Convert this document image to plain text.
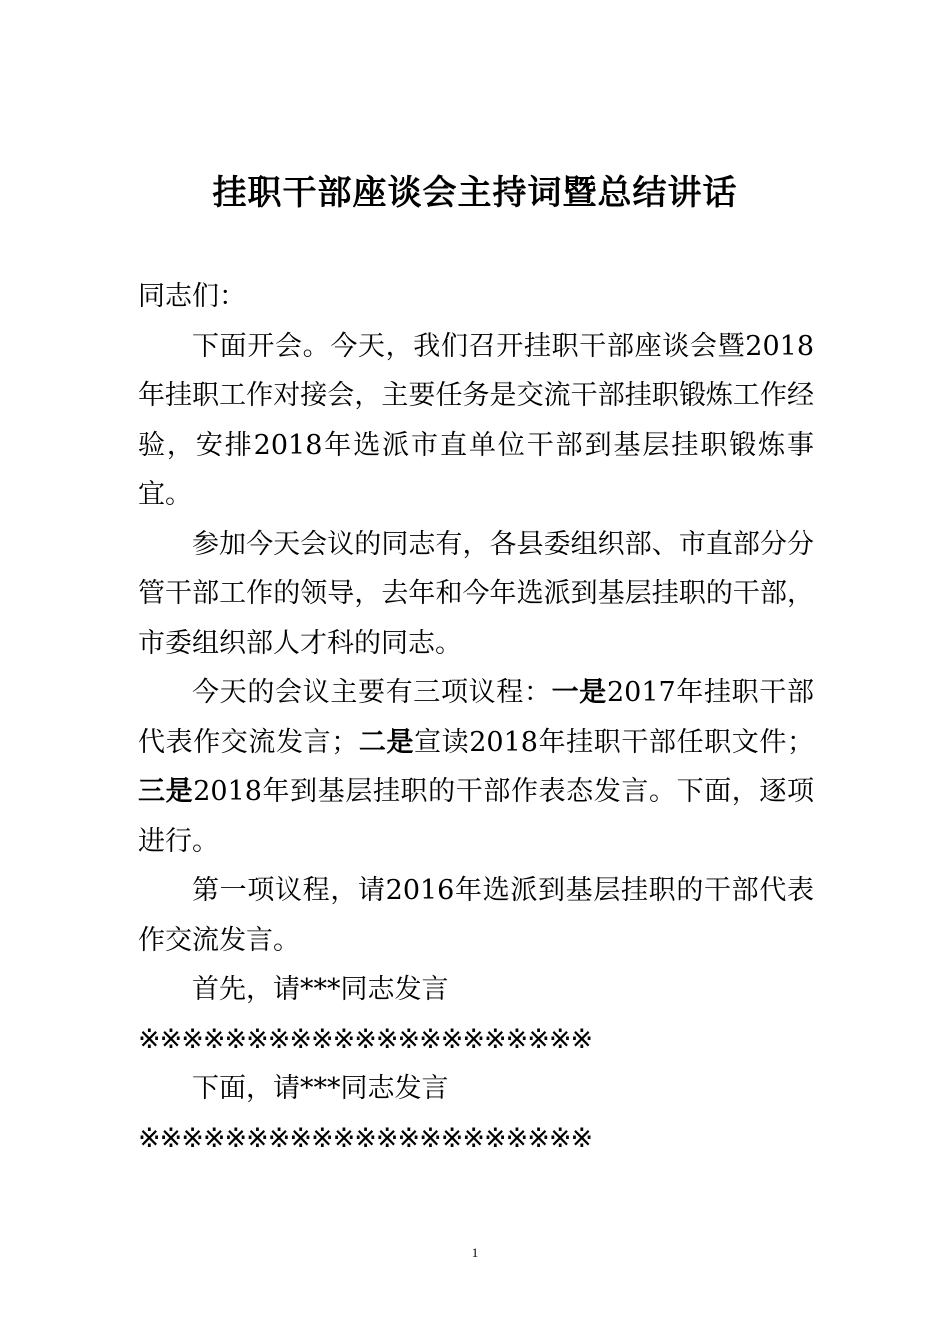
挂职干部座谈会主持词暨总结讲话

同志们：

下面开会。今天，我们召开挂职干部座谈会暨2018年挂职工作对接会，主要任务是交流干部挂职锻炼工作经验，安排2018年选派市直单位干部到基层挂职锻炼事宜。

参加今天会议的同志有，各县委组织部、市直部分分管干部工作的领导，去年和今年选派到基层挂职的干部，市委组织部人才科的同志。

今天的会议主要有三项议程：一是2017年挂职干部代表作交流发言；二是宣读2018年挂职干部任职文件；三是2018年到基层挂职的干部作表态发言。下面，逐项进行。

第一项议程，请2016年选派到基层挂职的干部代表作交流发言。

首先，请***同志发言

※※※※※※※※※※※※※※※※※※※※※

下面，请***同志发言

※※※※※※※※※※※※※※※※※※※※※

1
